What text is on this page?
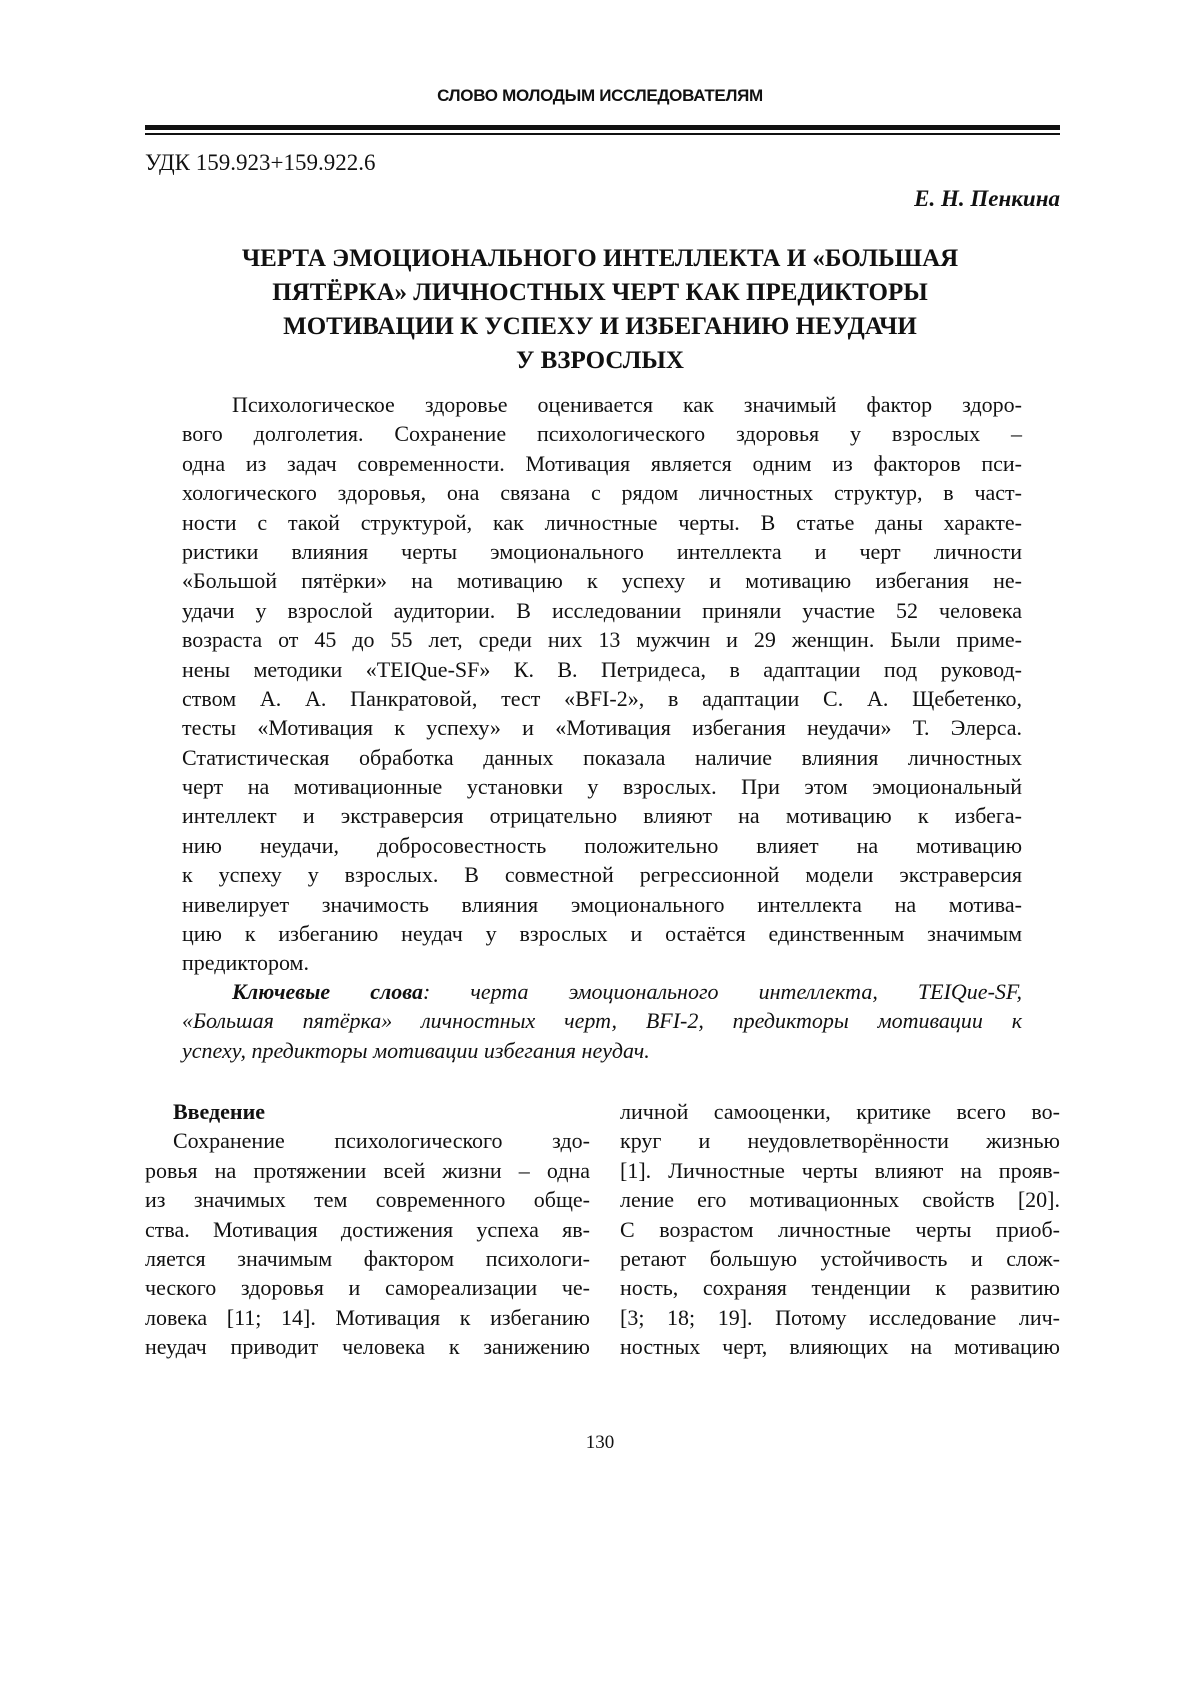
СЛОВО МОЛОДЫМ ИССЛЕДОВАТЕЛЯМ
УДК 159.923+159.922.6
Е. Н. Пенкина
ЧЕРТА ЭМОЦИОНАЛЬНОГО ИНТЕЛЛЕКТА И «БОЛЬШАЯ
ПЯТЁРКА» ЛИЧНОСТНЫХ ЧЕРТ КАК ПРЕДИКТОРЫ
МОТИВАЦИИ К УСПЕХУ И ИЗБЕГАНИЮ НЕУДАЧИ
У ВЗРОСЛЫХ
Психологическое здоровье оценивается как значимый фактор здоро-
вого долголетия. Сохранение психологического здоровья у взрослых –
одна из задач современности. Мотивация является одним из факторов пси-
хологического здоровья, она связана с рядом личностных структур, в част-
ности с такой структурой, как личностные черты. В статье даны характе-
ристики влияния черты эмоционального интеллекта и черт личности
«Большой пятёрки» на мотивацию к успеху и мотивацию избегания не-
удачи у взрослой аудитории. В исследовании приняли участие 52 человека
возраста от 45 до 55 лет, среди них 13 мужчин и 29 женщин. Были приме-
нены методики «TEIQue-SF» К. В. Петридеса, в адаптации под руковод-
ством А. А. Панкратовой, тест «BFI-2», в адаптации С. А. Щебетенко,
тесты «Мотивация к успеху» и «Мотивация избегания неудачи» Т. Элерса.
Статистическая обработка данных показала наличие влияния личностных
черт на мотивационные установки у взрослых. При этом эмоциональный
интеллект и экстраверсия отрицательно влияют на мотивацию к избега-
нию неудачи, добросовестность положительно влияет на мотивацию
к успеху у взрослых. В совместной регрессионной модели экстраверсия
нивелирует значимость влияния эмоционального интеллекта на мотива-
цию к избеганию неудач у взрослых и остаётся единственным значимым
предиктором.
Ключевые слова: черта эмоционального интеллекта, TEIQue-SF,
«Большая пятёрка» личностных черт, BFI-2, предикторы мотивации к
успеху, предикторы мотивации избегания неудач.
Введение
Сохранение психологического здо-
ровья на протяжении всей жизни – одна
из значимых тем современного обще-
ства. Мотивация достижения успеха яв-
ляется значимым фактором психологи-
ческого здоровья и самореализации че-
ловека [11; 14]. Мотивация к избеганию
неудач приводит человека к занижению
личной самооценки, критике всего во-
круг и неудовлетворённости жизнью
[1]. Личностные черты влияют на прояв-
ление его мотивационных свойств [20].
С возрастом личностные черты приоб-
ретают большую устойчивость и слож-
ность, сохраняя тенденции к развитию
[3; 18; 19]. Потому исследование лич-
ностных черт, влияющих на мотивацию
130
